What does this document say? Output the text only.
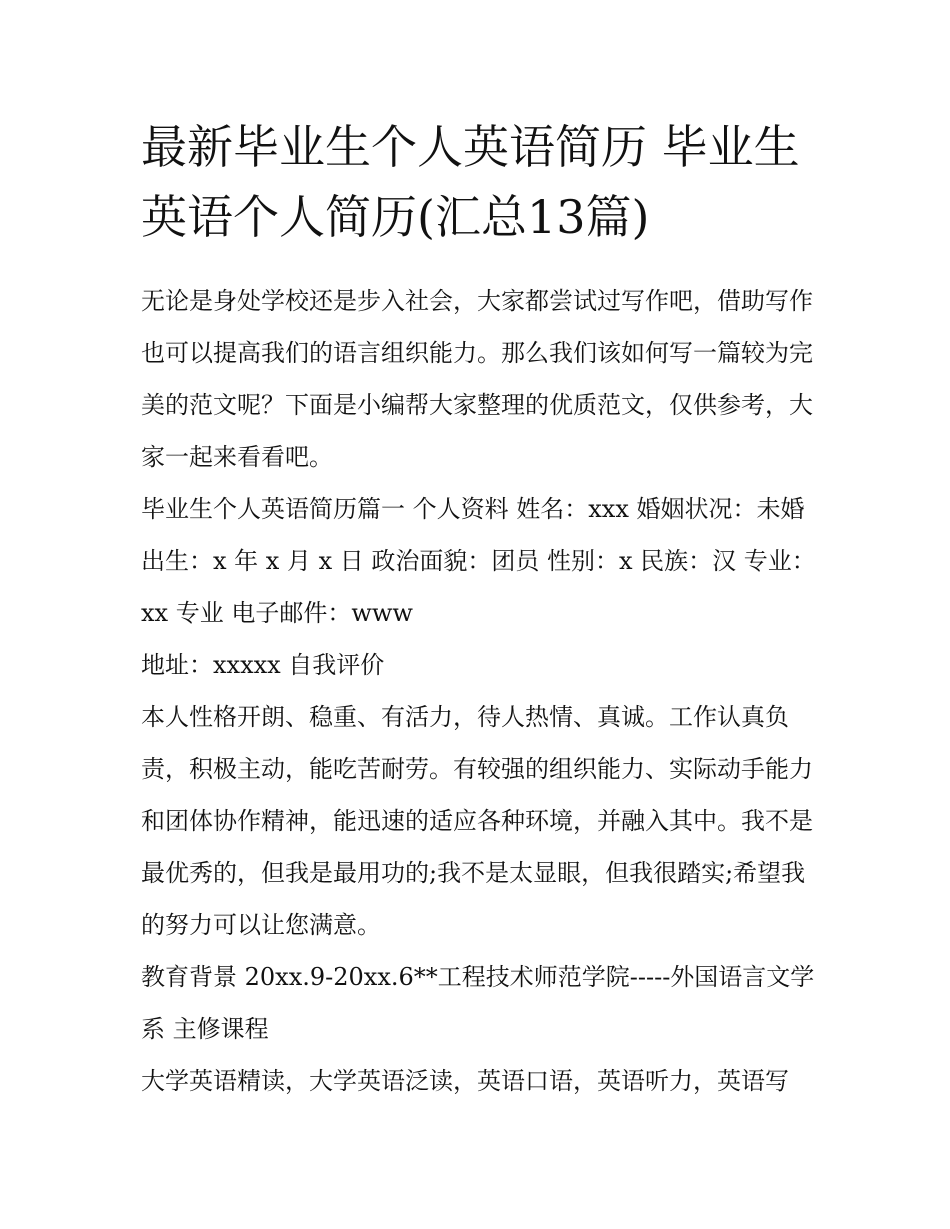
最新毕业生个人英语简历 毕业生英语个人简历(汇总13篇)

无论是身处学校还是步入社会，大家都尝试过写作吧，借助写作也可以提高我们的语言组织能力。那么我们该如何写一篇较为完美的范文呢？下面是小编帮大家整理的优质范文，仅供参考，大家一起来看看吧。

毕业生个人英语简历篇一 个人资料 姓名：xxx 婚姻状况：未婚 出生：x 年 x 月 x 日 政治面貌：团员 性别：x 民族：汉 专业：xx 专业 电子邮件：www

地址：xxxxx 自我评价

本人性格开朗、稳重、有活力，待人热情、真诚。工作认真负责，积极主动，能吃苦耐劳。有较强的组织能力、实际动手能力和团体协作精神，能迅速的适应各种环境，并融入其中。我不是最优秀的，但我是最用功的;我不是太显眼，但我很踏实;希望我的努力可以让您满意。

教育背景 20xx.9-20xx.6**工程技术师范学院-----外国语言文学系 主修课程

大学英语精读，大学英语泛读，英语口语，英语听力，英语写
